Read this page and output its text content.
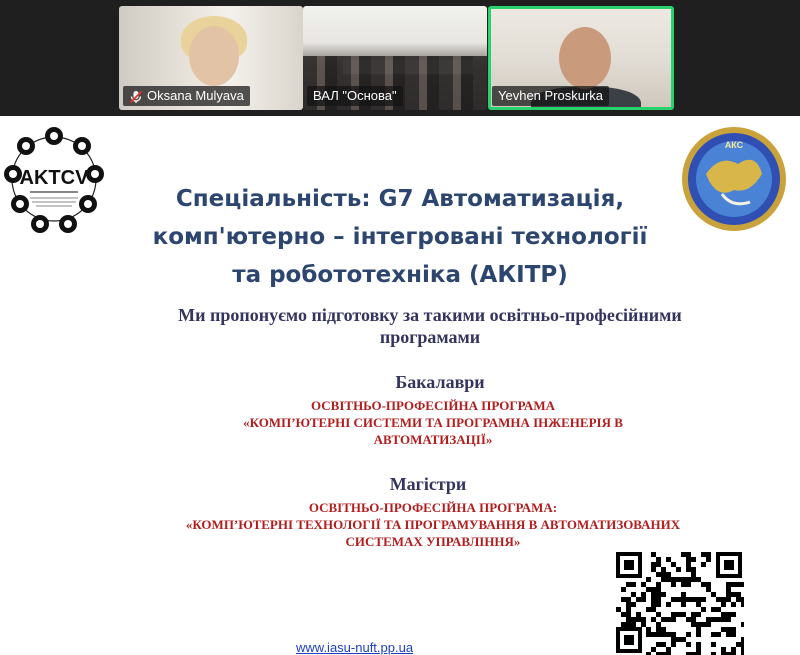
Oksana Mulyava	ВАЛ "Основа"	Yevhen Proskurka
AKTCV
АКС
Спеціальність: G7 Автоматизація,
комп'ютерно – інтегровані технології
та робототехніка (АКІТР)
Ми пропонуємо підготовку за такими освітньо-професійними
програмами
Бакалаври
ОСВІТНЬО-ПРОФЕСІЙНА ПРОГРАМА
«КОМП’ЮТЕРНІ СИСТЕМИ ТА ПРОГРАМНА ІНЖЕНЕРІЯ В
АВТОМАТИЗАЦІЇ»
Магістри
ОСВІТНЬО-ПРОФЕСІЙНА ПРОГРАМА:
«КОМП’ЮТЕРНІ ТЕХНОЛОГІЇ ТА ПРОГРАМУВАННЯ В АВТОМАТИЗОВАНИХ
СИСТЕМАХ УПРАВЛІННЯ»
www.iasu-nuft.pp.ua
